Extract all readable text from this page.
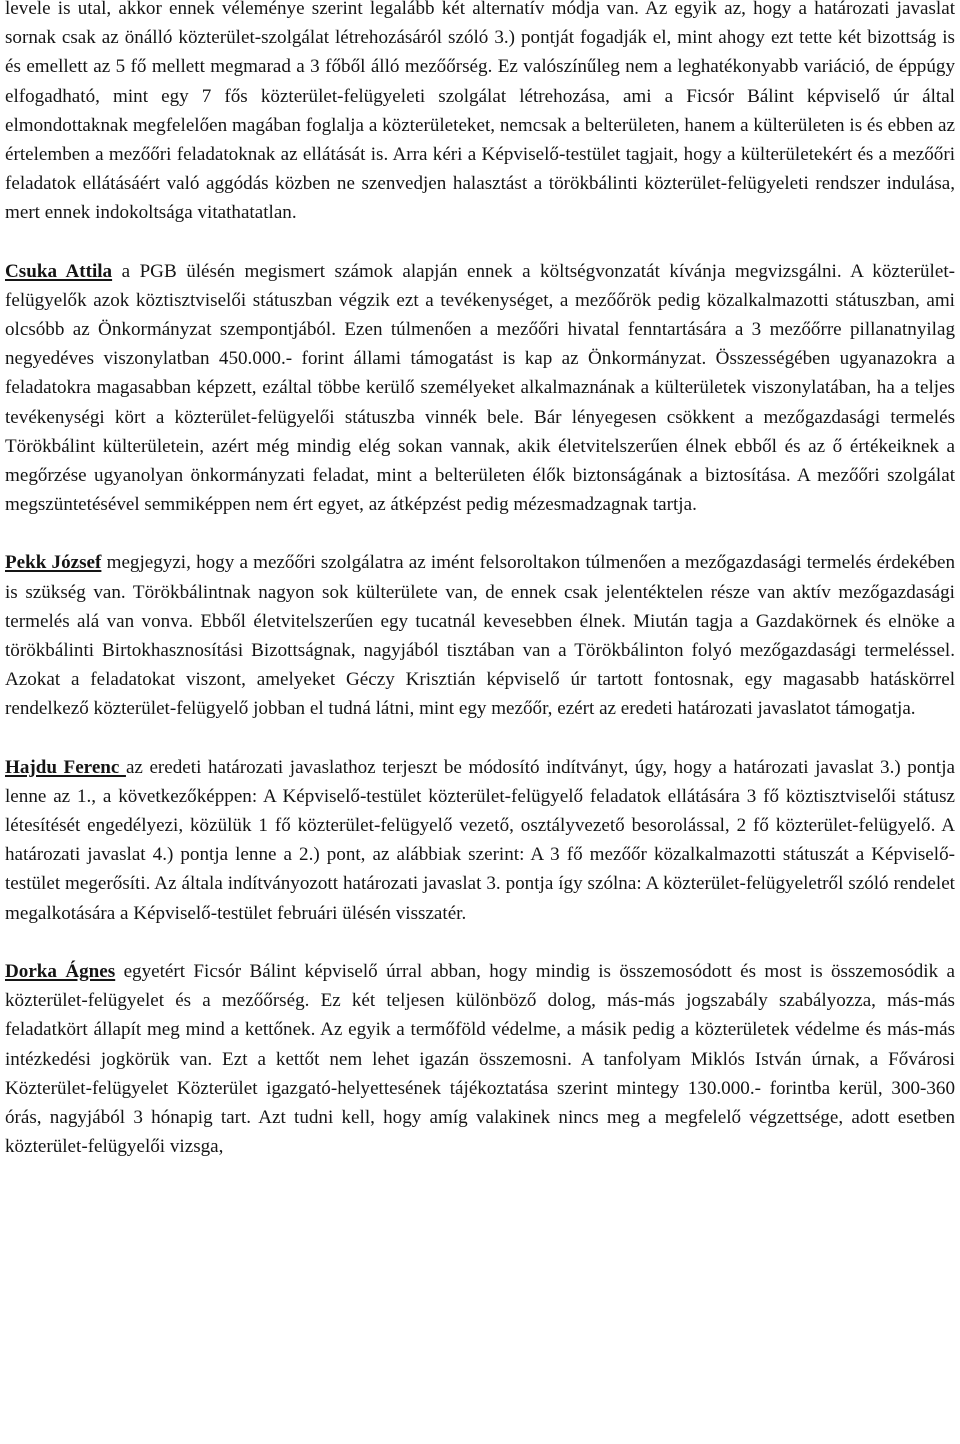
levele is utal, akkor ennek véleménye szerint legalább két alternatív módja van. Az egyik az, hogy a határozati javaslat sornak csak az önálló közterület-szolgálat létrehozásáról szóló 3.) pontját fogadják el, mint ahogy ezt tette két bizottság is és emellett az 5 fő mellett megmarad a 3 főből álló mezőőrség. Ez valószínűleg nem a leghatékonyabb variáció, de éppúgy elfogadható, mint egy 7 fős közterület-felügyeleti szolgálat létrehozása, ami a Ficsór Bálint képviselő úr által elmondottaknak megfelelően magában foglalja a közterületeket, nemcsak a belterületen, hanem a külterületen is és ebben az értelemben a mezőőri feladatoknak az ellátását is. Arra kéri a Képviselő-testület tagjait, hogy a külterületekért és a mezőőri feladatok ellátásáért való aggódás közben ne szenvedjen halasztást a törökbálinti közterület-felügyeleti rendszer indulása, mert ennek indokoltsága vitathatatlan.

Csuka Attila a PGB ülésén megismert számok alapján ennek a költségvonzatát kívánja megvizsgálni. A közterület-felügyelők azok köztisztviselői státuszban végzik ezt a tevékenységet, a mezőőrök pedig közalkalmazotti státuszban, ami olcsóbb az Önkormányzat szempontjából. Ezen túlmenően a mezőőri hivatal fenntartására a 3 mezőőrre pillanatnyilag negyedéves viszonylatban 450.000.- forint állami támogatást is kap az Önkormányzat. Összességében ugyanazokra a feladatokra magasabban képzett, ezáltal többe kerülő személyeket alkalmaznának a külterületek viszonylatában, ha a teljes tevékenységi kört a közterület-felügyelői státuszba vinnék bele. Bár lényegesen csökkent a mezőgazdasági termelés Törökbálint külterületein, azért még mindig elég sokan vannak, akik életvitelszerűen élnek ebből és az ő értékeiknek a megőrzése ugyanolyan önkormányzati feladat, mint a belterületen élők biztonságának a biztosítása. A mezőőri szolgálat megszüntetésével semmiképpen nem ért egyet, az átképzést pedig mézesmadzagnak tartja.

Pekk József megjegyzi, hogy a mezőőri szolgálatra az imént felsoroltakon túlmenően a mezőgazdasági termelés érdekében is szükség van. Törökbálintnak nagyon sok külterülete van, de ennek csak jelentéktelen része van aktív mezőgazdasági termelés alá van vonva. Ebből életvitelszerűen egy tucatnál kevesebben élnek. Miután tagja a Gazdakörnek és elnöke a törökbálinti Birtokhasznosítási Bizottságnak, nagyjából tisztában van a Törökbálinton folyó mezőgazdasági termeléssel. Azokat a feladatokat viszont, amelyeket Géczy Krisztián képviselő úr tartott fontosnak, egy magasabb hatáskörrel rendelkező közterület-felügyelő jobban el tudná látni, mint egy mezőőr, ezért az eredeti határozati javaslatot támogatja.

Hajdu Ferenc az eredeti határozati javaslathoz terjeszt be módosító indítványt, úgy, hogy a határozati javaslat 3.) pontja lenne az 1., a következőképpen: A Képviselő-testület közterület-felügyelő feladatok ellátására 3 fő köztisztviselői státusz létesítését engedélyezi, közülük 1 fő közterület-felügyelő vezető, osztályvezető besorolással, 2 fő közterület-felügyelő. A határozati javaslat 4.) pontja lenne a 2.) pont, az alábbiak szerint: A 3 fő mezőőr közalkalmazotti státuszát a Képviselő-testület megerősíti. Az általa indítványozott határozati javaslat 3. pontja így szólna: A közterület-felügyeletről szóló rendelet megalkotására a Képviselő-testület februári ülésén visszatér.

Dorka Ágnes egyetért Ficsór Bálint képviselő úrral abban, hogy mindig is összemosódott és most is összemosódik a közterület-felügyelet és a mezőőrség. Ez két teljesen különböző dolog, más-más jogszabály szabályozza, más-más feladatkört állapít meg mind a kettőnek. Az egyik a termőföld védelme, a másik pedig a közterületek védelme és más-más intézkedési jogkörük van. Ezt a kettőt nem lehet igazán összemosni. A tanfolyam Miklós István úrnak, a Fővárosi Közterület-felügyelet Közterület igazgató-helyettesének tájékoztatása szerint mintegy 130.000.- forintba kerül, 300-360 órás, nagyjából 3 hónapig tart. Azt tudni kell, hogy amíg valakinek nincs meg a megfelelő végzettsége, adott esetben közterület-felügyelői vizsga,
